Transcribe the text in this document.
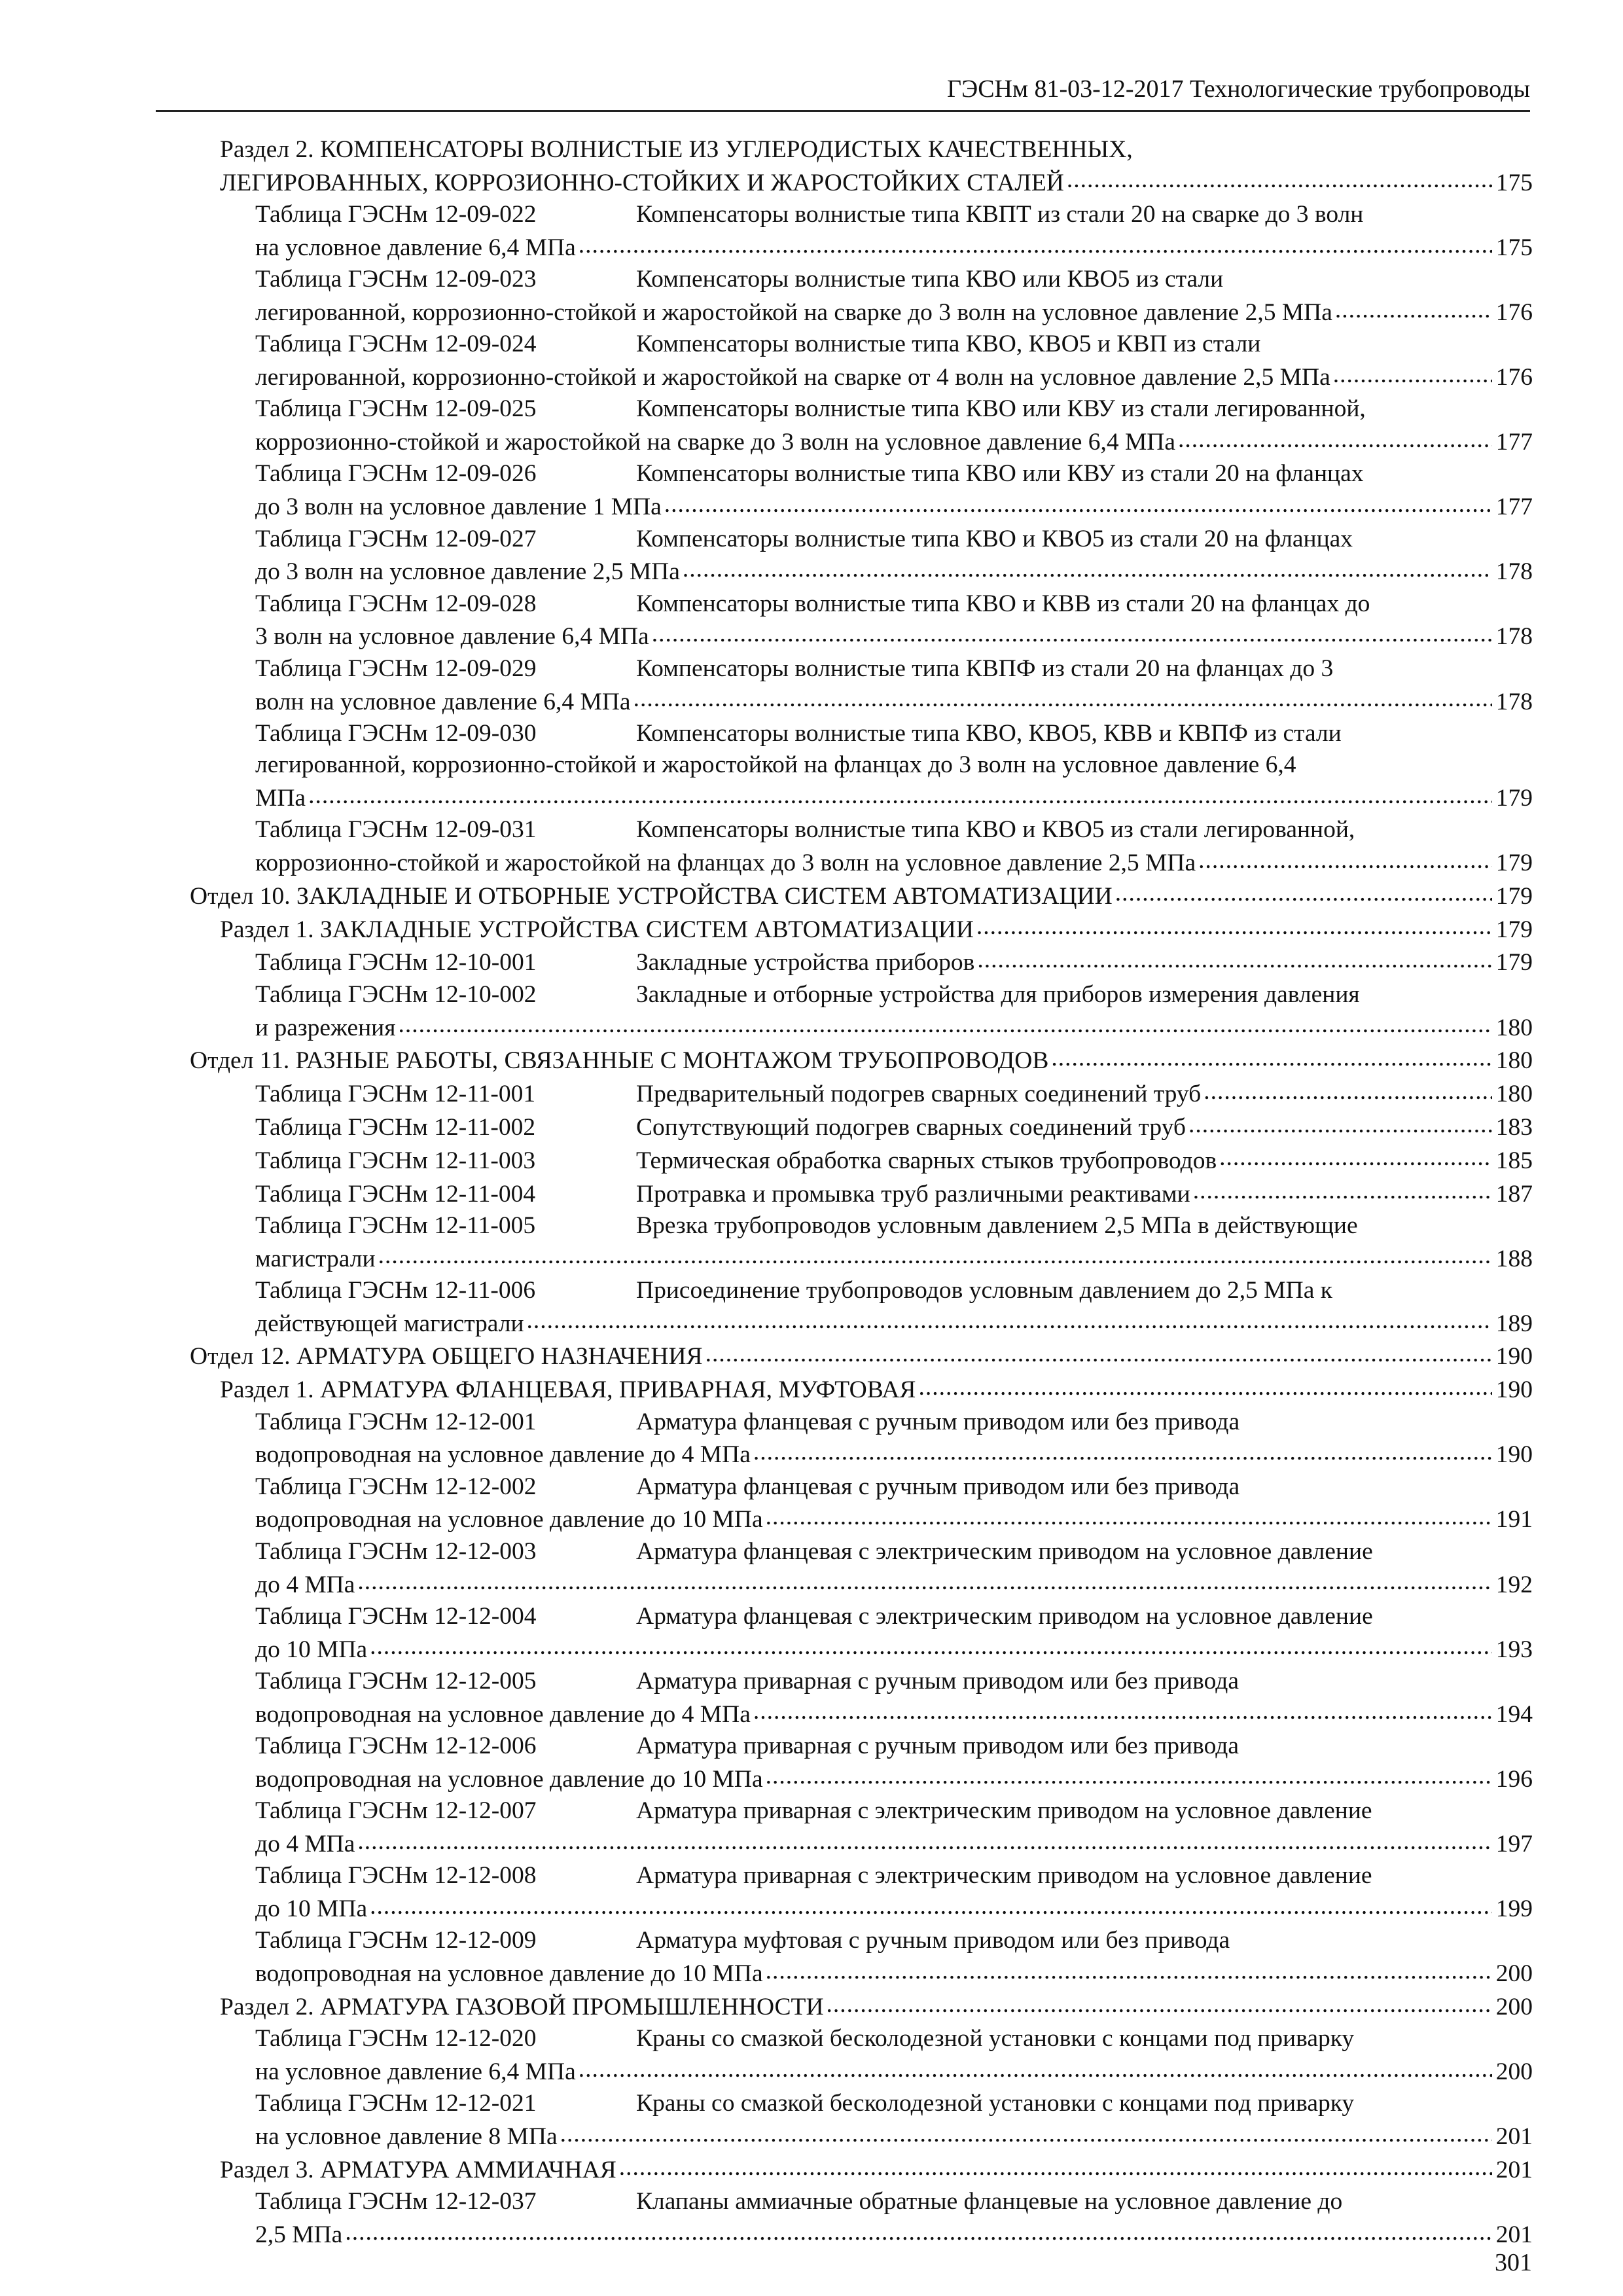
ГЭСНм 81-03-12-2017 Технологические трубопроводы
Раздел 2. КОМПЕНСАТОРЫ ВОЛНИСТЫЕ ИЗ УГЛЕРОДИСТЫХ КАЧЕСТВЕННЫХ,
ЛЕГИРОВАННЫХ, КОРРОЗИОННО-СТОЙКИХ И ЖАРОСТОЙКИХ СТАЛЕЙ .....	175
Таблица ГЭСНм 12-09-022	Компенсаторы волнистые типа КВПТ из стали 20 на сварке до 3 волн
на условное давление 6,4 МПа .....	175
Таблица ГЭСНм 12-09-023	Компенсаторы волнистые типа КВО или КВО5 из стали
легированной, коррозионно-стойкой и жаростойкой на сварке до 3 волн на условное давление 2,5 МПа .....	176
Таблица ГЭСНм 12-09-024	Компенсаторы волнистые типа КВО, КВО5 и КВП из стали
легированной, коррозионно-стойкой и жаростойкой на сварке от 4 волн на условное давление 2,5 МПа .....	176
Таблица ГЭСНм 12-09-025	Компенсаторы волнистые типа КВО или КВУ из стали легированной,
коррозионно-стойкой и жаростойкой на сварке до 3 волн на условное давление 6,4 МПа .....	177
Таблица ГЭСНм 12-09-026	Компенсаторы волнистые типа КВО или КВУ из стали 20 на фланцах
до 3 волн на условное давление 1 МПа .....	177
Таблица ГЭСНм 12-09-027	Компенсаторы волнистые типа КВО и КВО5 из стали 20 на фланцах
до 3 волн на условное давление 2,5 МПа .....	178
Таблица ГЭСНм 12-09-028	Компенсаторы волнистые типа КВО и КВВ из стали 20 на фланцах до
3 волн на условное давление 6,4 МПа .....	178
Таблица ГЭСНм 12-09-029	Компенсаторы волнистые типа КВПФ из стали 20 на фланцах до 3
волн на условное давление 6,4 МПа .....	178
Таблица ГЭСНм 12-09-030	Компенсаторы волнистые типа КВО, КВО5, КВВ и КВПФ из стали
легированной, коррозионно-стойкой и жаростойкой на фланцах до 3 волн на условное давление 6,4
МПа .....	179
Таблица ГЭСНм 12-09-031	Компенсаторы волнистые типа КВО и КВО5 из стали легированной,
коррозионно-стойкой и жаростойкой на фланцах до 3 волн на условное давление 2,5 МПа .....	179
Отдел 10. ЗАКЛАДНЫЕ И ОТБОРНЫЕ УСТРОЙСТВА СИСТЕМ АВТОМАТИЗАЦИИ .....	179
Раздел 1. ЗАКЛАДНЫЕ УСТРОЙСТВА СИСТЕМ АВТОМАТИЗАЦИИ .....	179
Таблица ГЭСНм 12-10-001	Закладные устройства приборов .....	179
Таблица ГЭСНм 12-10-002	Закладные и отборные устройства для приборов измерения давления
и разрежения .....	180
Отдел 11. РАЗНЫЕ РАБОТЫ, СВЯЗАННЫЕ С МОНТАЖОМ ТРУБОПРОВОДОВ .....	180
Таблица ГЭСНм 12-11-001	Предварительный подогрев сварных соединений труб .....	180
Таблица ГЭСНм 12-11-002	Сопутствующий подогрев сварных соединений труб .....	183
Таблица ГЭСНм 12-11-003	Термическая обработка сварных стыков трубопроводов .....	185
Таблица ГЭСНм 12-11-004	Протравка и промывка труб различными реактивами .....	187
Таблица ГЭСНм 12-11-005	Врезка трубопроводов условным давлением 2,5 МПа в действующие
магистрали .....	188
Таблица ГЭСНм 12-11-006	Присоединение трубопроводов условным давлением до 2,5 МПа к
действующей магистрали .....	189
Отдел 12. АРМАТУРА ОБЩЕГО НАЗНАЧЕНИЯ .....	190
Раздел 1. АРМАТУРА ФЛАНЦЕВАЯ, ПРИВАРНАЯ, МУФТОВАЯ .....	190
Таблица ГЭСНм 12-12-001	Арматура фланцевая с ручным приводом или без привода
водопроводная на условное давление до 4 МПа .....	190
Таблица ГЭСНм 12-12-002	Арматура фланцевая с ручным приводом или без привода
водопроводная на условное давление до 10 МПа .....	191
Таблица ГЭСНм 12-12-003	Арматура фланцевая с электрическим приводом на условное давление
до 4 МПа .....	192
Таблица ГЭСНм 12-12-004	Арматура фланцевая с электрическим приводом на условное давление
до 10 МПа .....	193
Таблица ГЭСНм 12-12-005	Арматура приварная с ручным приводом или без привода
водопроводная на условное давление до 4 МПа .....	194
Таблица ГЭСНм 12-12-006	Арматура приварная с ручным приводом или без привода
водопроводная на условное давление до 10 МПа .....	196
Таблица ГЭСНм 12-12-007	Арматура приварная с электрическим приводом на условное давление
до 4 МПа .....	197
Таблица ГЭСНм 12-12-008	Арматура приварная с электрическим приводом на условное давление
до 10 МПа .....	199
Таблица ГЭСНм 12-12-009	Арматура муфтовая с ручным приводом или без привода
водопроводная на условное давление до 10 МПа .....	200
Раздел 2. АРМАТУРА ГАЗОВОЙ ПРОМЫШЛЕННОСТИ .....	200
Таблица ГЭСНм 12-12-020	Краны со смазкой бесколодезной установки с концами под приварку
на условное давление 6,4 МПа .....	200
Таблица ГЭСНм 12-12-021	Краны со смазкой бесколодезной установки с концами под приварку
на условное давление 8 МПа .....	201
Раздел 3. АРМАТУРА АММИАЧНАЯ .....	201
Таблица ГЭСНм 12-12-037	Клапаны аммиачные обратные фланцевые на условное давление до
2,5 МПа .....	201
301
